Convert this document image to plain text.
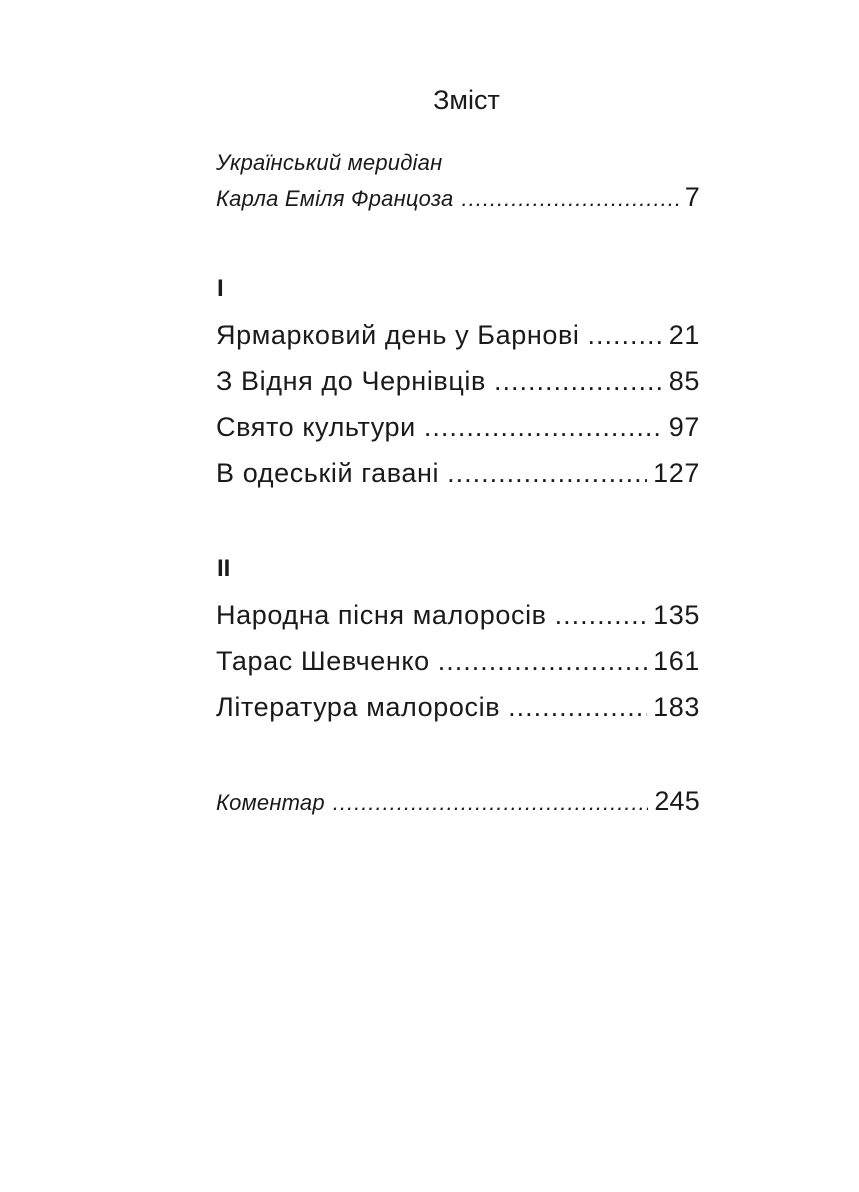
Зміст
Український меридіан
Карла Еміля Францоза .....	7
I
Ярмарковий день у Барнові .....	21
З Відня до Чернівців .....	85
Свято культури .....	97
В одеській гавані .....	127
II
Народна пісня малоросів .....	135
Тарас Шевченко .....	161
Література малоросів .....	183
Коментар .....	245
